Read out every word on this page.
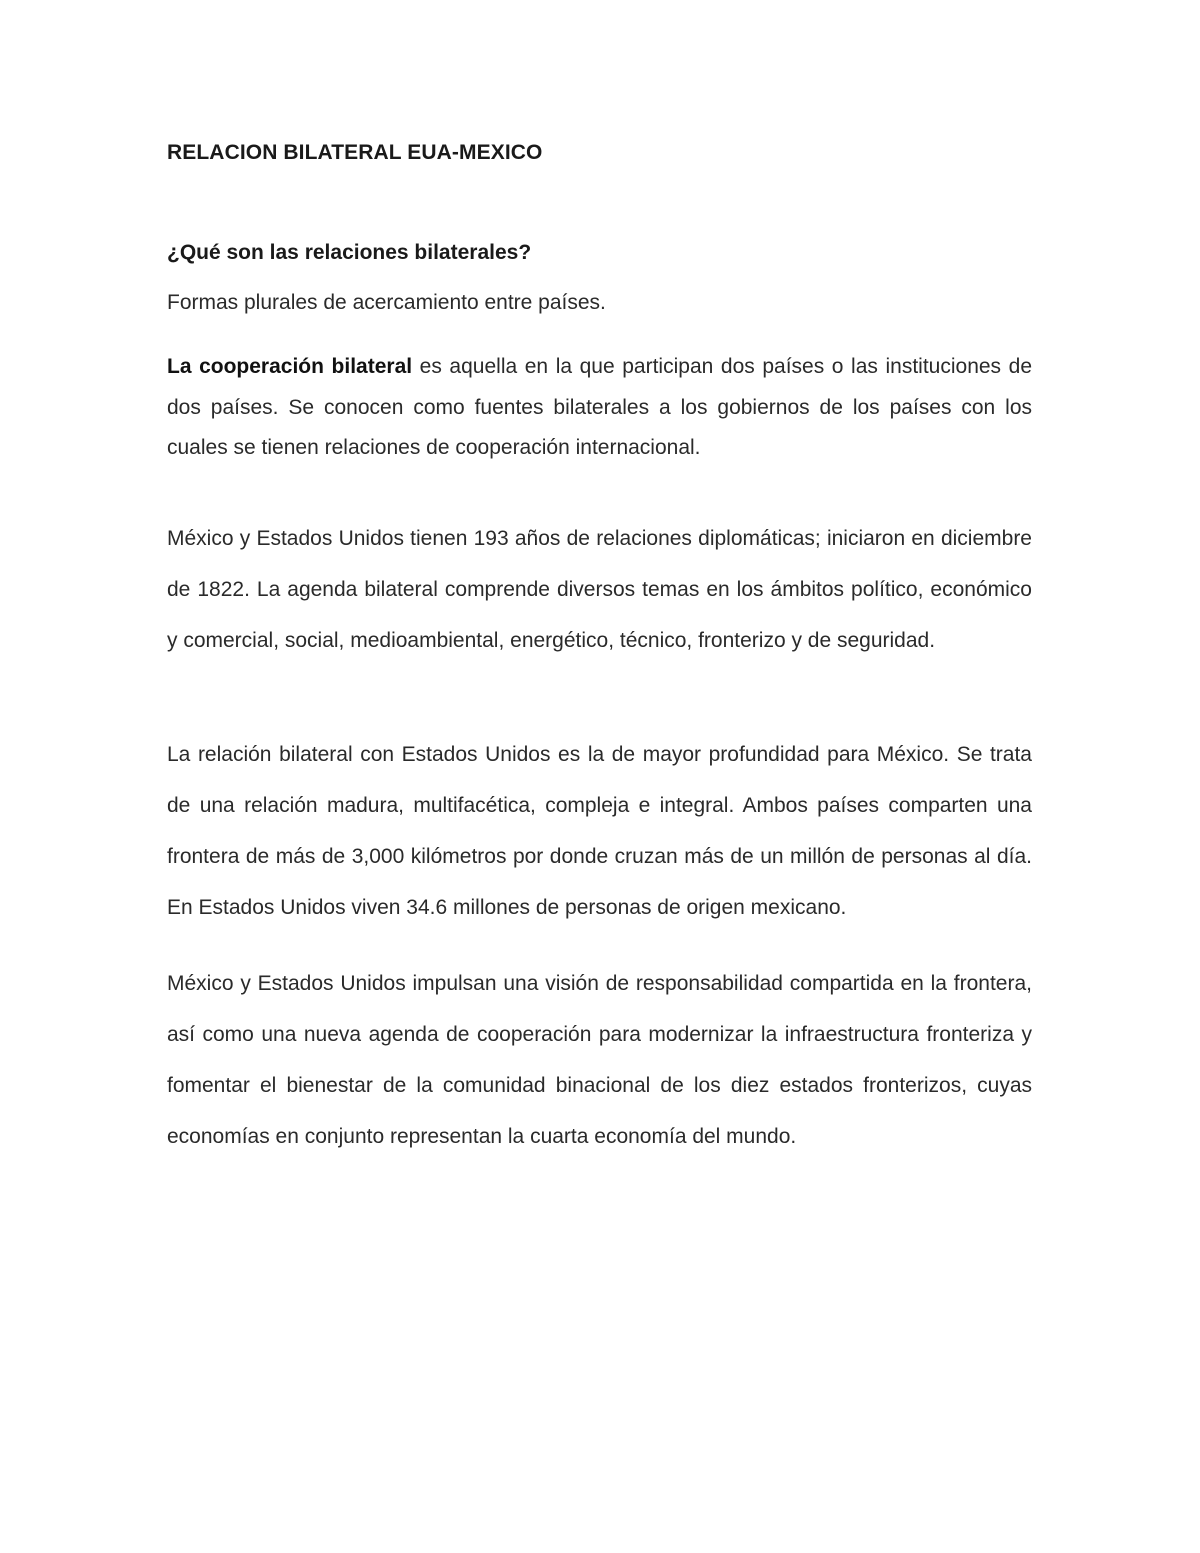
RELACION BILATERAL EUA-MEXICO
¿Qué son las relaciones bilaterales?

Formas plurales de acercamiento entre países.

La cooperación bilateral es aquella en la que participan dos países o las instituciones de dos países. Se conocen como fuentes bilaterales a los gobiernos de los países con los cuales se tienen relaciones de cooperación internacional.

México y Estados Unidos tienen 193 años de relaciones diplomáticas; iniciaron en diciembre de 1822. La agenda bilateral comprende diversos temas en los ámbitos político, económico y comercial, social, medioambiental, energético, técnico, fronterizo y de seguridad.

La relación bilateral con Estados Unidos es la de mayor profundidad para México. Se trata de una relación madura, multifacética, compleja e integral. Ambos países comparten una frontera de más de 3,000 kilómetros por donde cruzan más de un millón de personas al día. En Estados Unidos viven 34.6 millones de personas de origen mexicano.

México y Estados Unidos impulsan una visión de responsabilidad compartida en la frontera, así como una nueva agenda de cooperación para modernizar la infraestructura fronteriza y fomentar el bienestar de la comunidad binacional de los diez estados fronterizos, cuyas economías en conjunto representan la cuarta economía del mundo.
